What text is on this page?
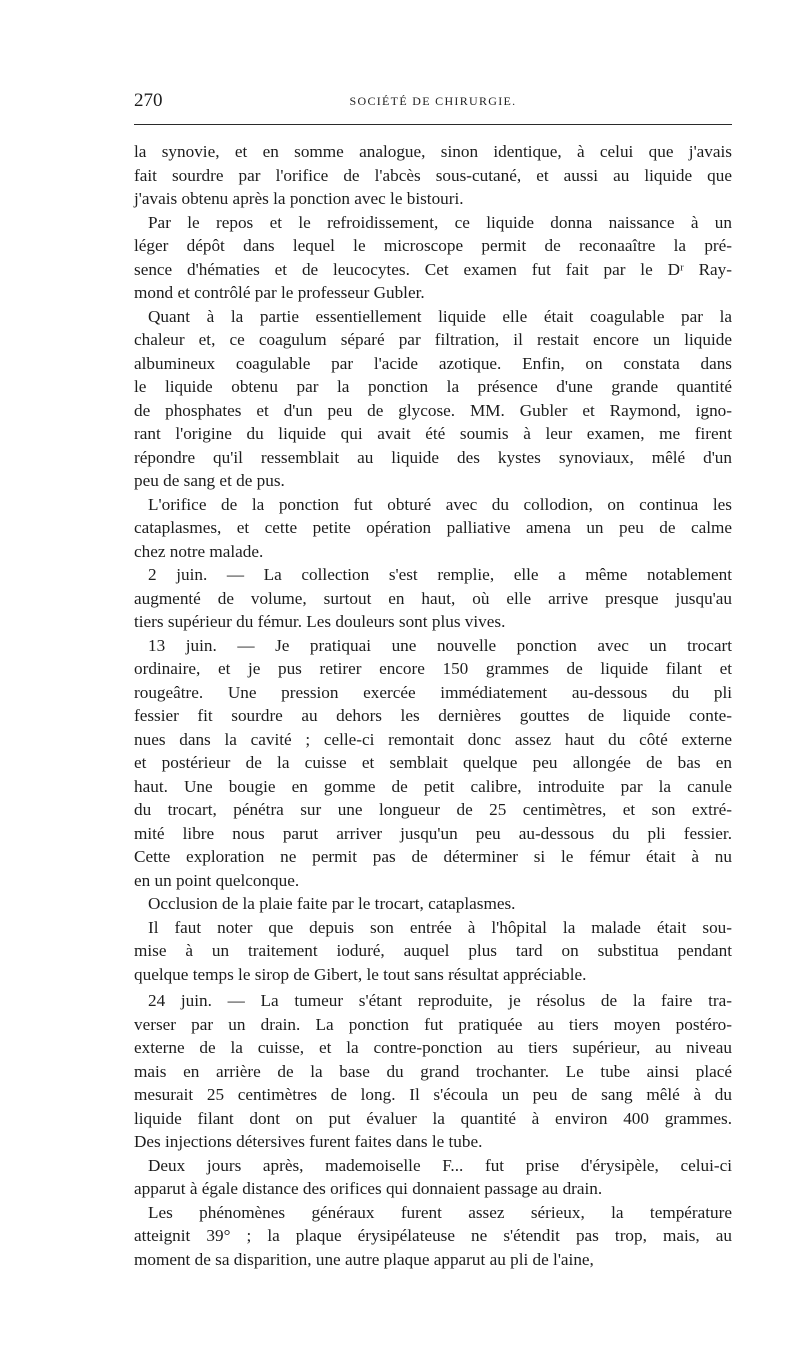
270	SOCIÉTÉ DE CHIRURGIE.
la synovie, et en somme analogue, sinon identique, à celui que j'avais
fait sourdre par l'orifice de l'abcès sous-cutané, et aussi au liquide que
j'avais obtenu après la ponction avec le bistouri.
Par le repos et le refroidissement, ce liquide donna naissance à un
léger dépôt dans lequel le microscope permit de reconaaître la pré-
sence d'hématies et de leucocytes. Cet examen fut fait par le Dʳ Ray-
mond et contrôlé par le professeur Gubler.
Quant à la partie essentiellement liquide elle était coagulable par la
chaleur et, ce coagulum séparé par filtration, il restait encore un liquide
albumineux coagulable par l'acide azotique. Enfin, on constata dans
le liquide obtenu par la ponction la présence d'une grande quantité
de phosphates et d'un peu de glycose. MM. Gubler et Raymond, igno-
rant l'origine du liquide qui avait été soumis à leur examen, me firent
répondre qu'il ressemblait au liquide des kystes synoviaux, mêlé d'un
peu de sang et de pus.
L'orifice de la ponction fut obturé avec du collodion, on continua les
cataplasmes, et cette petite opération palliative amena un peu de calme
chez notre malade.
2 juin. — La collection s'est remplie, elle a même notablement
augmenté de volume, surtout en haut, où elle arrive presque jusqu'au
tiers supérieur du fémur. Les douleurs sont plus vives.
13 juin. — Je pratiquai une nouvelle ponction avec un trocart
ordinaire, et je pus retirer encore 150 grammes de liquide filant et
rougeâtre. Une pression exercée immédiatement au-dessous du pli
fessier fit sourdre au dehors les dernières gouttes de liquide conte-
nues dans la cavité ; celle-ci remontait donc assez haut du côté externe
et postérieur de la cuisse et semblait quelque peu allongée de bas en
haut. Une bougie en gomme de petit calibre, introduite par la canule
du trocart, pénétra sur une longueur de 25 centimètres, et son extré-
mité libre nous parut arriver jusqu'un peu au-dessous du pli fessier.
Cette exploration ne permit pas de déterminer si le fémur était à nu
en un point quelconque.
Occlusion de la plaie faite par le trocart, cataplasmes.
Il faut noter que depuis son entrée à l'hôpital la malade était sou-
mise à un traitement ioduré, auquel plus tard on substitua pendant
quelque temps le sirop de Gibert, le tout sans résultat appréciable.
24 juin. — La tumeur s'étant reproduite, je résolus de la faire tra-
verser par un drain. La ponction fut pratiquée au tiers moyen postéro-
externe de la cuisse, et la contre-ponction au tiers supérieur, au niveau
mais en arrière de la base du grand trochanter. Le tube ainsi placé
mesurait 25 centimètres de long. Il s'écoula un peu de sang mêlé à du
liquide filant dont on put évaluer la quantité à environ 400 grammes.
Des injections détersives furent faites dans le tube.
Deux jours après, mademoiselle F... fut prise d'érysipèle, celui-ci
apparut à égale distance des orifices qui donnaient passage au drain.
Les phénomènes généraux furent assez sérieux, la température
atteignit 39° ; la plaque érysipélateuse ne s'étendit pas trop, mais, au
moment de sa disparition, une autre plaque apparut au pli de l'aine,
